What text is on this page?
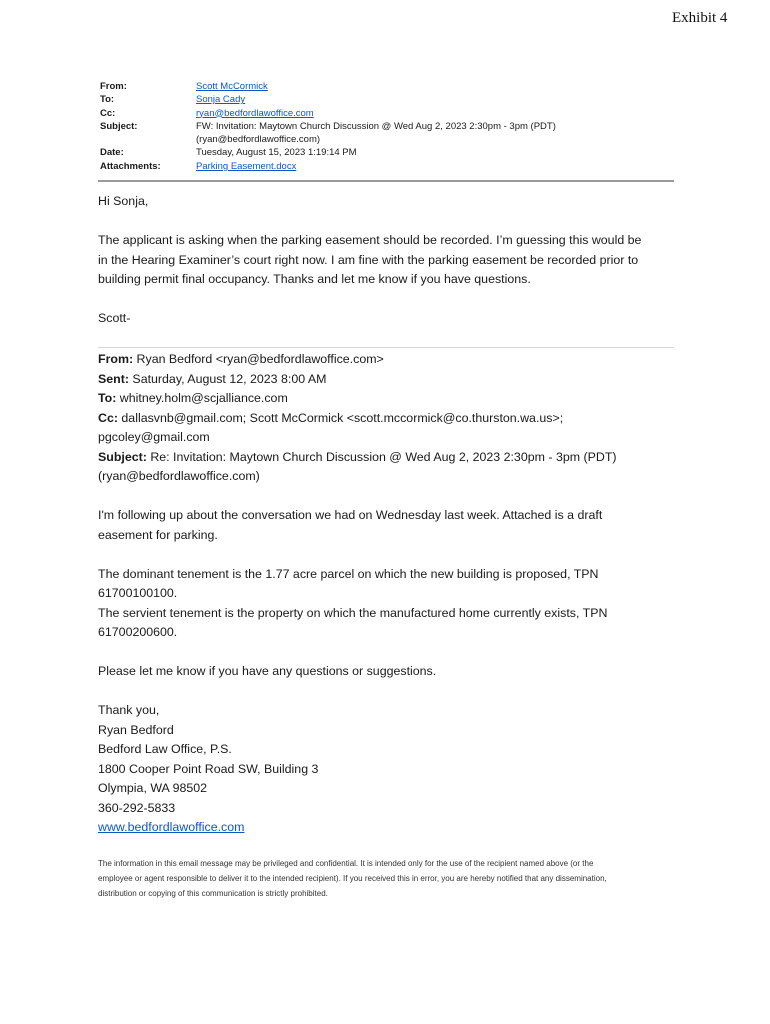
Exhibit 4
From:	Scott McCormick
To:	Sonja Cady
Cc:	ryan@bedfordlawoffice.com
Subject:	FW: Invitation: Maytown Church Discussion @ Wed Aug 2, 2023 2:30pm - 3pm (PDT)
(ryan@bedfordlawoffice.com)
Date:	Tuesday, August 15, 2023 1:19:14 PM
Attachments:	Parking Easement.docx

Hi Sonja,

The applicant is asking when the parking easement should be recorded. I’m guessing this would be

in the Hearing Examiner’s court right now. I am fine with the parking easement be recorded prior to

building permit final occupancy. Thanks and let me know if you have questions.

Scott-

From: Ryan Bedford <ryan@bedfordlawoffice.com>

Sent: Saturday, August 12, 2023 8:00 AM

To: whitney.holm@scjalliance.com

Cc: dallasvnb@gmail.com; Scott McCormick <scott.mccormick@co.thurston.wa.us>;

pgcoley@gmail.com

Subject: Re: Invitation: Maytown Church Discussion @ Wed Aug 2, 2023 2:30pm - 3pm (PDT)

(ryan@bedfordlawoffice.com)

I'm following up about the conversation we had on Wednesday last week. Attached is a draft

easement for parking.

The dominant tenement is the 1.77 acre parcel on which the new building is proposed, TPN

61700100100.

The servient tenement is the property on which the manufactured home currently exists, TPN

61700200600.

Please let me know if you have any questions or suggestions.

Thank you,

Ryan Bedford

Bedford Law Office, P.S.

1800 Cooper Point Road SW, Building 3

Olympia, WA 98502

360-292-5833

www.bedfordlawoffice.com

The information in this email message may be privileged and confidential. It is intended only for the use of the recipient named above (or the
employee or agent responsible to deliver it to the intended recipient). If you received this in error, you are hereby notified that any dissemination,
distribution or copying of this communication is strictly prohibited.
